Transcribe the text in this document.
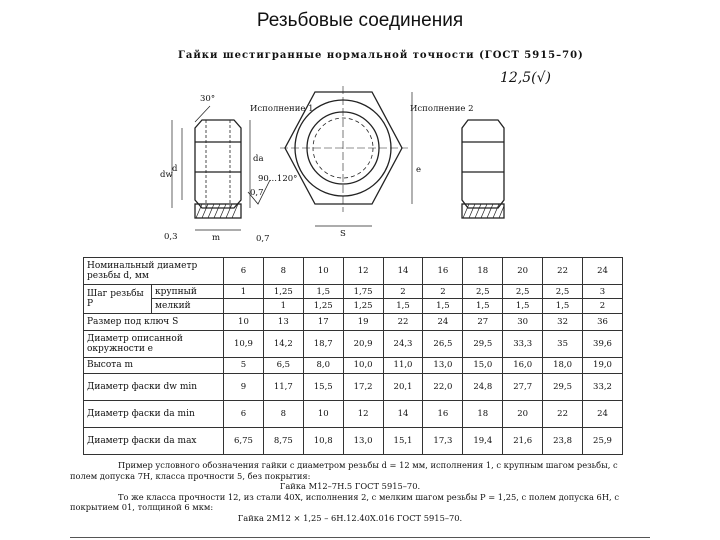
Резьбовые соединения
Гайки шестигранные нормальной точности (ГОСТ 5915–70)
12,5(√)
Исполнение 1	Исполнение 2
30°
dw
d
da
90...120°
0,7
0,3	0,7
m	S
e
Номинальный диаметр резьбы d, мм		6	8	10	12	14	16	18	20	22	24
Шаг резьбы P	крупный	1	1,25	1,5	1,75	2	2	2,5	2,5	2,5	3
	мелкий		1	1,25	1,25	1,5	1,5	1,5	1,5	1,5	2
Размер под ключ S		10	13	17	19	22	24	27	30	32	36
Диаметр описанной окружности e		10,9	14,2	18,7	20,9	24,3	26,5	29,5	33,3	35	39,6
Высота m		5	6,5	8,0	10,0	11,0	13,0	15,0	16,0	18,0	19,0
Диаметр фаски dw min		9	11,7	15,5	17,2	20,1	22,0	24,8	27,7	29,5	33,2
Диаметр фаски da min		6	8	10	12	14	16	18	20	22	24
Диаметр фаски da max		6,75	8,75	10,8	13,0	15,1	17,3	19,4	21,6	23,8	25,9

Пример условного обозначения гайки с диаметром резьбы d = 12 мм, исполнения 1, с крупным шагом резьбы, с полем допуска 7H, класса прочности 5, без покрытия:

Гайка М12–7Н.5 ГОСТ 5915–70.

То же класса прочности 12, из стали 40Х, исполнения 2, с мелким шагом резьбы P = 1,25, с полем допуска 6H, с покрытием 01, толщиной 6 мкм:

Гайка 2М12 × 1,25 – 6Н.12.40Х.016 ГОСТ 5915–70.
